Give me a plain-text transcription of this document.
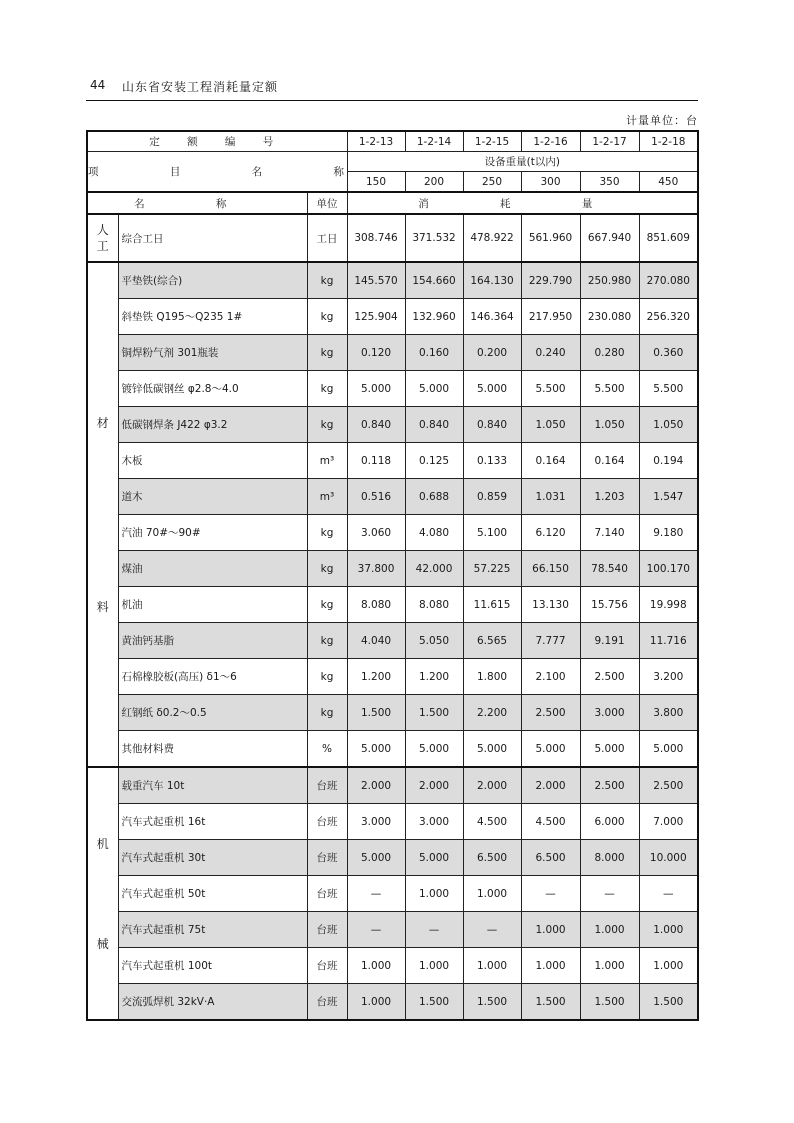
44 山东省安装工程消耗量定额
计量单位：台
定 额 编 号			1-2-13	1-2-14	1-2-15	1-2-16	1-2-17	1-2-18
项 目 名 称			设备重量(t以内)					
			150	200	250	300	350	450
名 称		单位	消 耗 量					

人
工	综合工日	工日	308.746	371.532	478.922	561.960	667.940	851.609

材
料	平垫铁(综合)	kg	145.570	154.660	164.130	229.790	250.980	270.080
	斜垫铁 Q195～Q235 1#	kg	125.904	132.960	146.364	217.950	230.080	256.320
	铜焊粉气剂 301瓶装	kg	0.120	0.160	0.200	0.240	0.280	0.360
	镀锌低碳钢丝 φ2.8～4.0	kg	5.000	5.000	5.000	5.500	5.500	5.500
	低碳钢焊条 J422 φ3.2	kg	0.840	0.840	0.840	1.050	1.050	1.050
	木板	m³	0.118	0.125	0.133	0.164	0.164	0.194
	道木	m³	0.516	0.688	0.859	1.031	1.203	1.547
	汽油 70#～90#	kg	3.060	4.080	5.100	6.120	7.140	9.180
	煤油	kg	37.800	42.000	57.225	66.150	78.540	100.170
	机油	kg	8.080	8.080	11.615	13.130	15.756	19.998
	黄油钙基脂	kg	4.040	5.050	6.565	7.777	9.191	11.716
	石棉橡胶板(高压) δ1～6	kg	1.200	1.200	1.800	2.100	2.500	3.200
	红钢纸 δ0.2～0.5	kg	1.500	1.500	2.200	2.500	3.000	3.800
	其他材料费	%	5.000	5.000	5.000	5.000	5.000	5.000

机
械	载重汽车 10t	台班	2.000	2.000	2.000	2.000	2.500	2.500
	汽车式起重机 16t	台班	3.000	3.000	4.500	4.500	6.000	7.000
	汽车式起重机 30t	台班	5.000	5.000	6.500	6.500	8.000	10.000
	汽车式起重机 50t	台班	—	1.000	1.000	—	—	—
	汽车式起重机 75t	台班	—	—	—	1.000	1.000	1.000
	汽车式起重机 100t	台班	1.000	1.000	1.000	1.000	1.000	1.000
	交流弧焊机 32kV·A	台班	1.000	1.500	1.500	1.500	1.500	1.500
